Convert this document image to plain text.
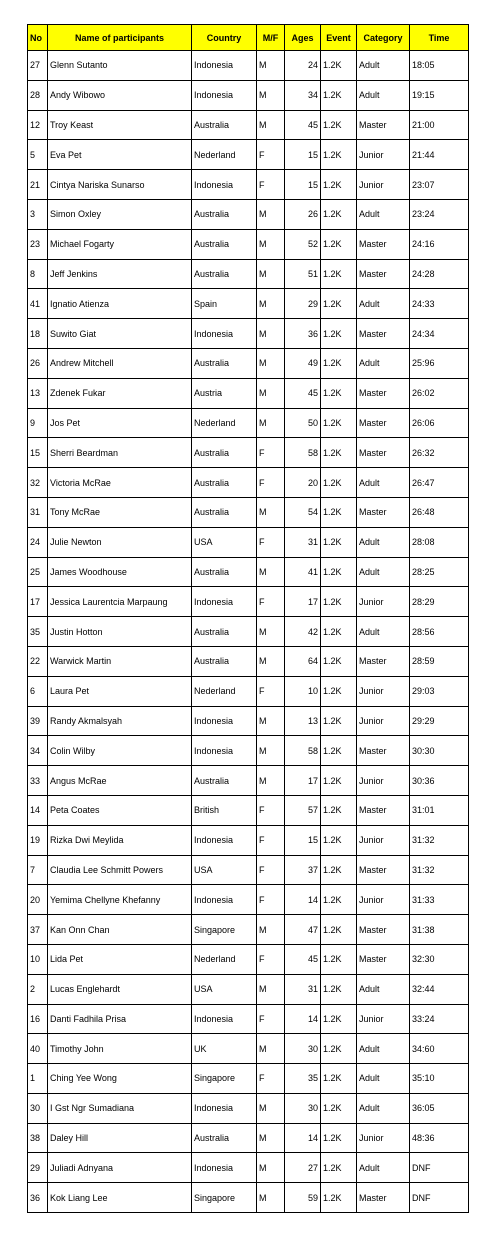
No	Name of participants	Country	M/F	Ages	Event	Category	Time
27	Glenn Sutanto	Indonesia	M	24	1.2K	Adult	18:05
28	Andy Wibowo	Indonesia	M	34	1.2K	Adult	19:15
12	Troy Keast	Australia	M	45	1.2K	Master	21:00
5	Eva Pet	Nederland	F	15	1.2K	Junior	21:44
21	Cintya Nariska Sunarso	Indonesia	F	15	1.2K	Junior	23:07
3	Simon Oxley	Australia	M	26	1.2K	Adult	23:24
23	Michael Fogarty	Australia	M	52	1.2K	Master	24:16
8	Jeff Jenkins	Australia	M	51	1.2K	Master	24:28
41	Ignatio Atienza	Spain	M	29	1.2K	Adult	24:33
18	Suwito Giat	Indonesia	M	36	1.2K	Master	24:34
26	Andrew Mitchell	Australia	M	49	1.2K	Adult	25:96
13	Zdenek Fukar	Austria	M	45	1.2K	Master	26:02
9	Jos Pet	Nederland	M	50	1.2K	Master	26:06
15	Sherri Beardman	Australia	F	58	1.2K	Master	26:32
32	Victoria McRae	Australia	F	20	1.2K	Adult	26:47
31	Tony McRae	Australia	M	54	1.2K	Master	26:48
24	Julie Newton	USA	F	31	1.2K	Adult	28:08
25	James Woodhouse	Australia	M	41	1.2K	Adult	28:25
17	Jessica Laurentcia Marpaung	Indonesia	F	17	1.2K	Junior	28:29
35	Justin Hotton	Australia	M	42	1.2K	Adult	28:56
22	Warwick Martin	Australia	M	64	1.2K	Master	28:59
6	Laura Pet	Nederland	F	10	1.2K	Junior	29:03
39	Randy Akmalsyah	Indonesia	M	13	1.2K	Junior	29:29
34	Colin Wilby	Indonesia	M	58	1.2K	Master	30:30
33	Angus McRae	Australia	M	17	1.2K	Junior	30:36
14	Peta Coates	British	F	57	1.2K	Master	31:01
19	Rizka Dwi Meylida	Indonesia	F	15	1.2K	Junior	31:32
7	Claudia Lee Schmitt Powers	USA	F	37	1.2K	Master	31:32
20	Yemima Chellyne Khefanny	Indonesia	F	14	1.2K	Junior	31:33
37	Kan Onn Chan	Singapore	M	47	1.2K	Master	31:38
10	Lida Pet	Nederland	F	45	1.2K	Master	32:30
2	Lucas Englehardt	USA	M	31	1.2K	Adult	32:44
16	Danti Fadhila Prisa	Indonesia	F	14	1.2K	Junior	33:24
40	Timothy John	UK	M	30	1.2K	Adult	34:60
1	Ching Yee Wong	Singapore	F	35	1.2K	Adult	35:10
30	I Gst Ngr Sumadiana	Indonesia	M	30	1.2K	Adult	36:05
38	Daley Hill	Australia	M	14	1.2K	Junior	48:36
29	Juliadi Adnyana	Indonesia	M	27	1.2K	Adult	DNF
36	Kok Liang Lee	Singapore	M	59	1.2K	Master	DNF
